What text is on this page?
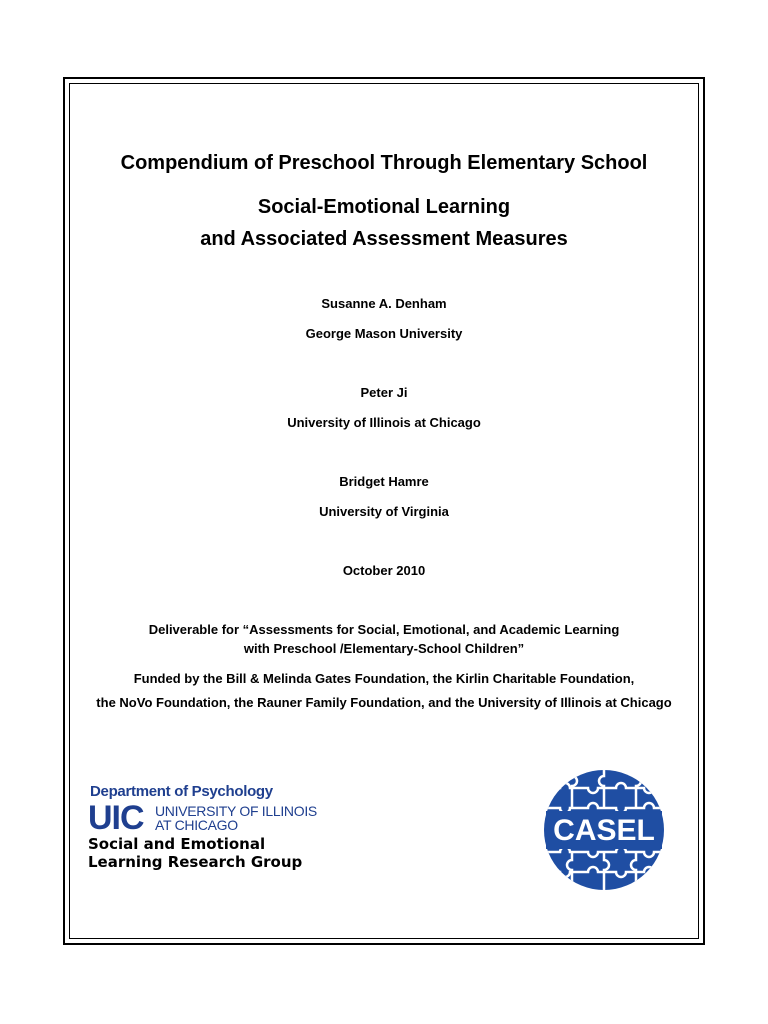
Compendium of Preschool Through Elementary School
Social-Emotional Learning
and Associated Assessment Measures
Susanne A. Denham
George Mason University
Peter Ji
University of Illinois at Chicago
Bridget Hamre
University of Virginia
October 2010
Deliverable for “Assessments for Social, Emotional, and Academic Learning
with Preschool /Elementary-School Children”
Funded by the Bill & Melinda Gates Foundation, the Kirlin Charitable Foundation,
the NoVo Foundation, the Rauner Family Foundation, and the University of Illinois at Chicago
Department of Psychology
UIC UNIVERSITY OF ILLINOIS
AT CHICAGO
Social and Emotional
Learning Research Group
CASEL
